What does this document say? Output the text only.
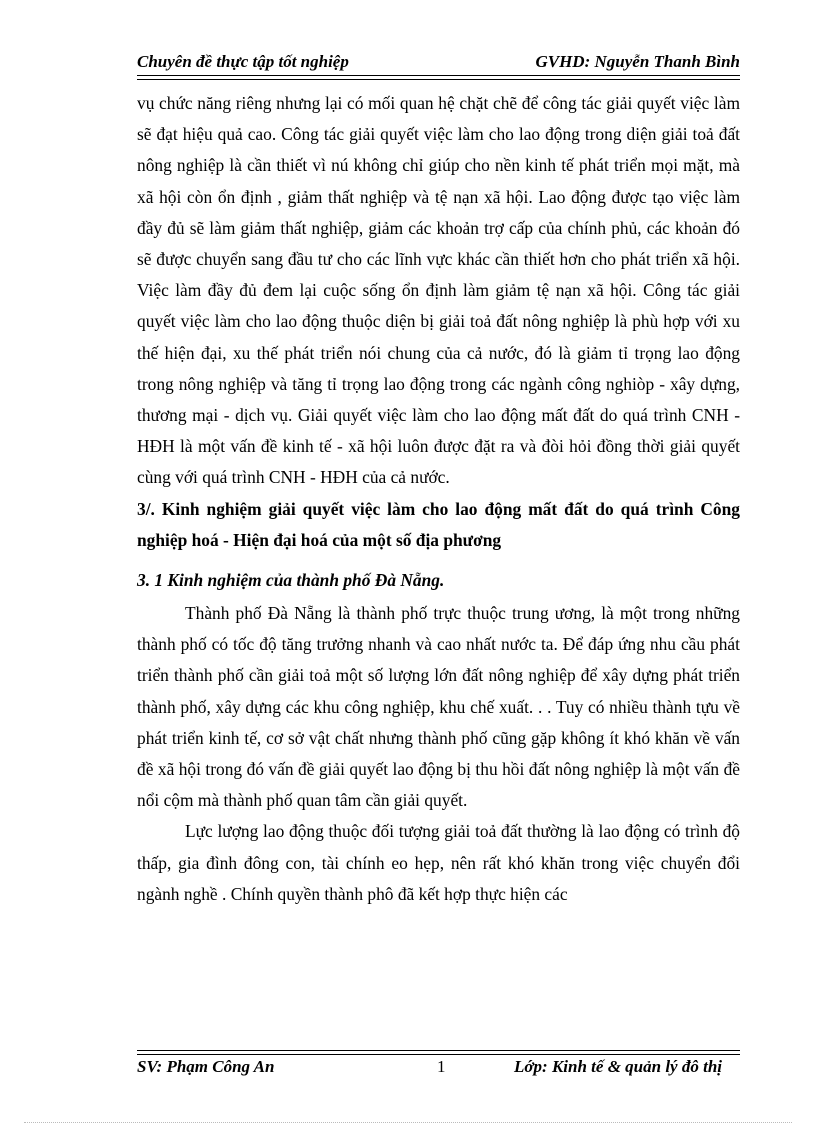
Chuyên đề thực tập tốt nghiệp	GVHD: Nguyễn Thanh Bình

vụ chức năng riêng nhưng lại có mối quan hệ chặt chẽ để công tác giải quyết việc làm sẽ đạt hiệu quả cao. Công tác giải quyết việc làm cho lao động trong diện giải toả đất nông nghiệp là cần thiết vì nú không chỉ giúp cho nền kinh tế phát triển mọi mặt, mà xã hội còn ổn định , giảm thất nghiệp và tệ nạn xã hội. Lao động được tạo việc làm đầy đủ sẽ làm giảm thất nghiệp, giảm các khoản trợ cấp của chính phủ, các khoản đó sẽ được chuyển sang đầu tư cho các lĩnh vực khác cần thiết hơn cho phát triển xã hội. Việc làm đầy đủ đem lại cuộc sống ổn định làm giảm tệ nạn xã hội. Công tác giải quyết việc làm cho lao động thuộc diện bị giải toả đất nông nghiệp là phù hợp với xu thế hiện đại, xu thế phát triển nói chung của cả nước, đó là giảm tỉ trọng lao động trong nông nghiệp và tăng tỉ trọng lao động trong các ngành công nghiòp - xây dựng, thương mại - dịch vụ. Giải quyết việc làm cho lao động mất đất do quá trình CNH - HĐH là một vấn đề kinh tế - xã hội luôn được đặt ra và đòi hỏi đồng thời giải quyết cùng với quá trình CNH - HĐH của cả nước.

3/. Kinh nghiệm giải quyết việc làm cho lao động mất đất do quá trình Công nghiệp hoá - Hiện đại hoá của một số địa phương
3. 1 Kinh nghiệm của thành phố Đà Nẵng.

Thành phố Đà Nẵng là thành phố trực thuộc trung ương, là một trong những thành phố có tốc độ tăng trưởng nhanh và cao nhất nước ta. Để đáp ứng nhu cầu phát triển thành phố cần giải toả một số lượng lớn đất nông nghiệp để xây dựng phát triển thành phố, xây dựng các khu công nghiệp, khu chế xuất. . . Tuy có nhiều thành tựu về phát triển kinh tế, cơ sở vật chất nhưng thành phố cũng gặp không ít khó khăn về vấn đề xã hội trong đó vấn đề giải quyết lao động bị thu hồi đất nông nghiệp là một vấn đề nổi cộm mà thành phố quan tâm cần giải quyết.

Lực lượng lao động thuộc đối tượng giải toả đất thường là lao động có trình độ thấp, gia đình đông con, tài chính eo hẹp, nên rất khó khăn trong việc chuyển đổi ngành nghề . Chính quyền thành phô đã kết hợp thực hiện các

SV: Phạm Công An	1	Lớp: Kinh tế & quản lý đô thị
